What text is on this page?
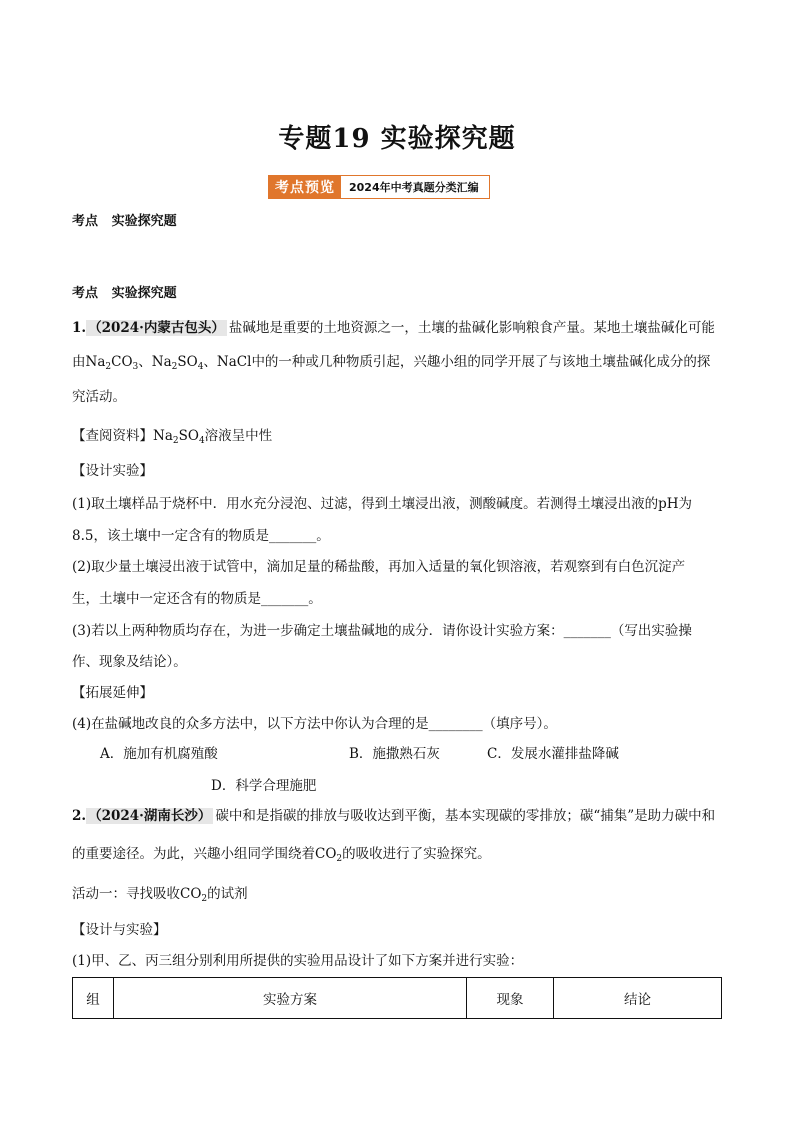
专题19 实验探究题
考点预览	2024年中考真题分类汇编
考点 实验探究题
考点 实验探究题
1. （2024·内蒙古包头） 盐碱地是重要的土地资源之一，土壤的盐碱化影响粮食产量。某地土壤盐碱化可能
由$Na_2CO_3$、$Na_2SO_4$、NaCl中的一种或几种物质引起，兴趣小组的同学开展了与该地土壤盐碱化成分的探
究活动。
【查阅资料】$Na_2SO_4$溶液呈中性
【设计实验】
(1)取土壤样品于烧杯中．用水充分浸泡、过滤，得到土壤浸出液，测酸碱度。若测得土壤浸出液的pH为
8.5，该土壤中一定含有的物质是_______。
(2)取少量土壤浸出液于试管中，滴加足量的稀盐酸，再加入适量的氧化钡溶液，若观察到有白色沉淀产
生，土壤中一定还含有的物质是_______。
(3)若以上两种物质均存在，为进一步确定土壤盐碱地的成分．请你设计实验方案：_______（写出实验操
作、现象及结论）。
【拓展延伸】
(4)在盐碱地改良的众多方法中，以下方法中你认为合理的是________（填序号）。
A．施加有机腐殖酸	B．施撒熟石灰	C．发展水灌排盐降碱
D．科学合理施肥
2. （2024·湖南长沙） 碳中和是指碳的排放与吸收达到平衡，基本实现碳的零排放；碳“捕集”是助力碳中和
的重要途径。为此，兴趣小组同学围绕着$CO_2$的吸收进行了实验探究。
活动一：寻找吸收$CO_2$的试剂
【设计与实验】
(1)甲、乙、丙三组分别利用所提供的实验用品设计了如下方案并进行实验：
组	实验方案	现象	结论
